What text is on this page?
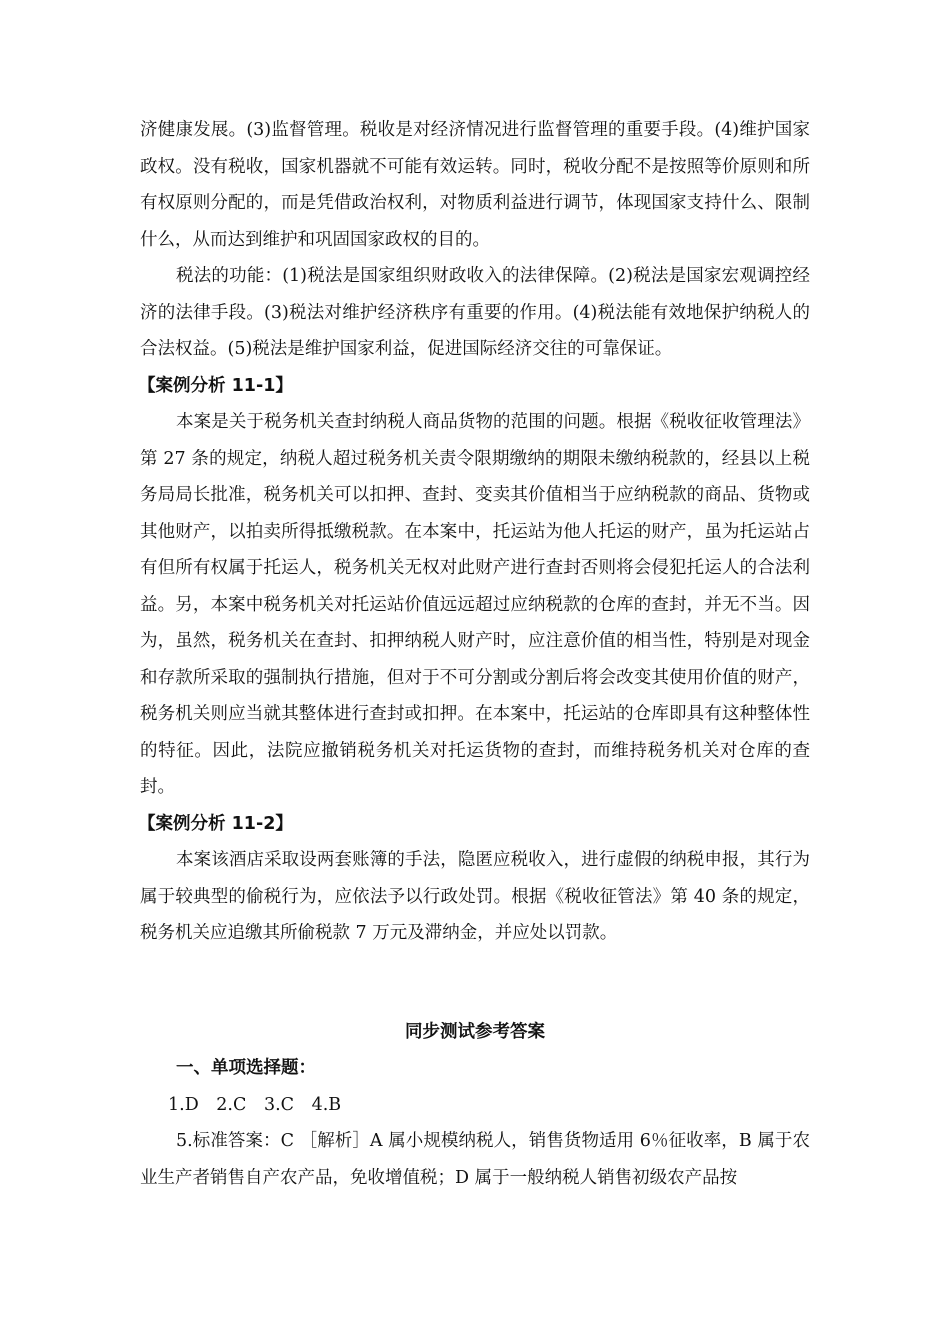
济健康发展。(3)监督管理。税收是对经济情况进行监督管理的重要手段。(4)维护国家政权。没有税收，国家机器就不可能有效运转。同时，税收分配不是按照等价原则和所有权原则分配的，而是凭借政治权利，对物质利益进行调节，体现国家支持什么、限制什么，从而达到维护和巩固国家政权的目的。

税法的功能：(1)税法是国家组织财政收入的法律保障。(2)税法是国家宏观调控经济的法律手段。(3)税法对维护经济秩序有重要的作用。(4)税法能有效地保护纳税人的合法权益。(5)税法是维护国家利益，促进国际经济交往的可靠保证。

【案例分析 11-1】

本案是关于税务机关查封纳税人商品货物的范围的问题。根据《税收征收管理法》第 27 条的规定，纳税人超过税务机关责令限期缴纳的期限未缴纳税款的，经县以上税务局局长批准，税务机关可以扣押、查封、变卖其价值相当于应纳税款的商品、货物或其他财产，以拍卖所得抵缴税款。在本案中，托运站为他人托运的财产，虽为托运站占有但所有权属于托运人，税务机关无权对此财产进行查封否则将会侵犯托运人的合法利益。另，本案中税务机关对托运站价值远远超过应纳税款的仓库的查封，并无不当。因为，虽然，税务机关在查封、扣押纳税人财产时，应注意价值的相当性，特别是对现金和存款所采取的强制执行措施，但对于不可分割或分割后将会改变其使用价值的财产，税务机关则应当就其整体进行查封或扣押。在本案中，托运站的仓库即具有这种整体性的特征。因此，法院应撤销税务机关对托运货物的查封，而维持税务机关对仓库的查封。

【案例分析 11-2】

本案该酒店采取设两套账簿的手法，隐匿应税收入，进行虚假的纳税申报，其行为属于较典型的偷税行为，应依法予以行政处罚。根据《税收征管法》第 40 条的规定，税务机关应追缴其所偷税款 7 万元及滞纳金，并应处以罚款。

同步测试参考答案

一、单项选择题：

1.D 2.C 3.C 4.B

5.标准答案：C ［解析］A 属小规模纳税人，销售货物适用 6％征收率，B 属于农业生产者销售自产农产品，免收增值税；D 属于一般纳税人销售初级农产品按
